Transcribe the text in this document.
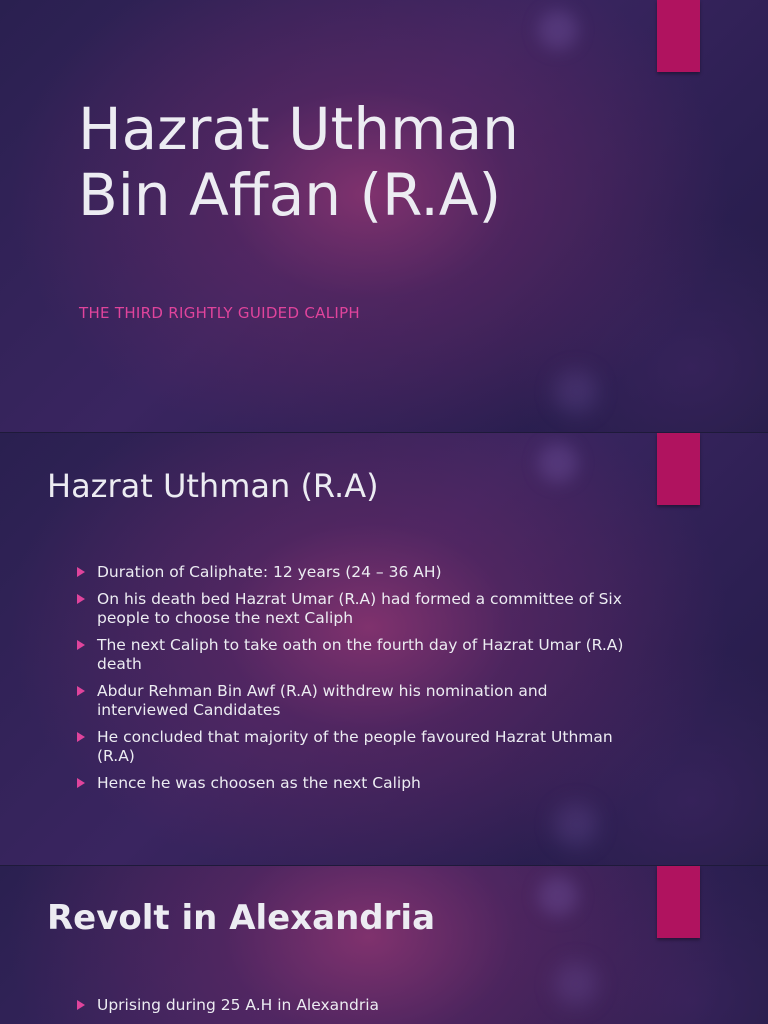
Hazrat Uthman
Bin Affan (R.A)
THE THIRD RIGHTLY GUIDED CALIPH
Hazrat Uthman (R.A)
Duration of Caliphate: 12 years (24 – 36 AH)
On his death bed Hazrat Umar (R.A) had formed a committee of Six people to choose the next Caliph
The next Caliph to take oath on the fourth day of Hazrat Umar (R.A) death
Abdur Rehman Bin Awf (R.A) withdrew his nomination and interviewed Candidates
He concluded that majority of the people favoured Hazrat Uthman (R.A)
Hence he was choosen as the next Caliph
Revolt in Alexandria
Uprising during 25 A.H in Alexandria
